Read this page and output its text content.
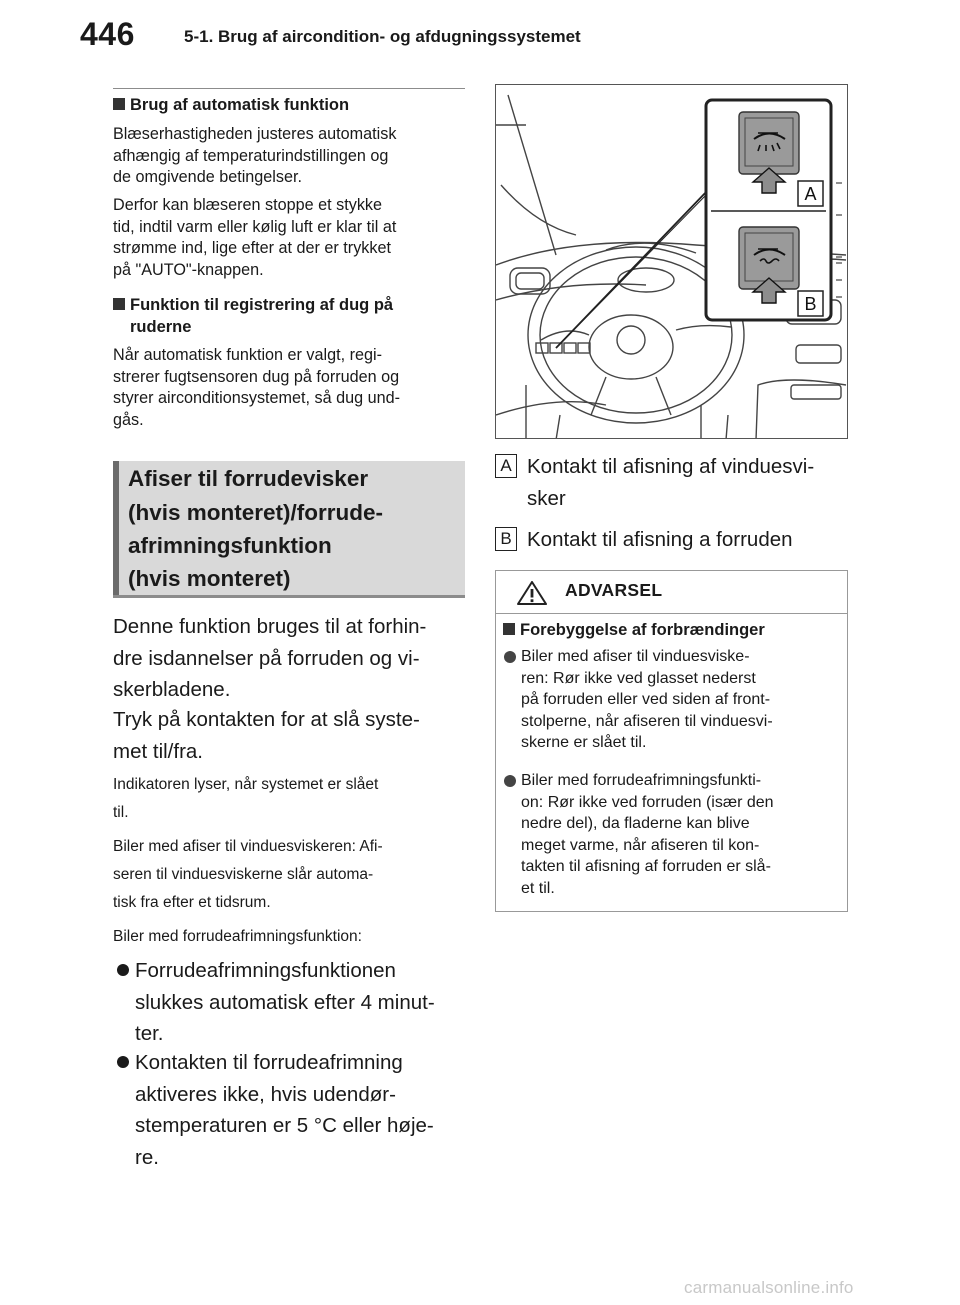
446	5-1. Brug af aircondition- og afdugningssystemet
Brug af automatisk funktion
Blæserhastigheden justeres automatisk
afhængig af temperaturindstillingen og
de omgivende betingelser.
Derfor kan blæseren stoppe et stykke
tid, indtil varm eller kølig luft er klar til at
strømme ind, lige efter at der er trykket
på "AUTO"-knappen.
Funktion til registrering af dug på
ruderne
Når automatisk funktion er valgt, regi-
strerer fugtsensoren dug på forruden og
styrer airconditionsystemet, så dug und-
gås.
Afiser til forrudevisker
(hvis monteret)/forrude-
afrimningsfunktion
(hvis monteret)
Denne funktion bruges til at forhin-
dre isdannelser på forruden og vi-
skerbladene.
Tryk på kontakten for at slå syste-
met til/fra.
Indikatoren lyser, når systemet er slået
til.
Biler med afiser til vinduesviskeren: Afi-
seren til vinduesviskerne slår automa-
tisk fra efter et tidsrum.
Biler med forrudeafrimningsfunktion:
Forrudeafrimningsfunktionen
slukkes automatisk efter 4 minut-
ter.
Kontakten til forrudeafrimning
aktiveres ikke, hvis udendør-
stemperaturen er 5 °C eller høje-
re.
A
B
A Kontakt til afisning af vinduesvi-
sker
B Kontakt til afisning a forruden
ADVARSEL
Forebyggelse af forbrændinger
Biler med afiser til vinduesviske-
ren: Rør ikke ved glasset nederst
på forruden eller ved siden af front-
stolperne, når afiseren til vinduesvi-
skerne er slået til.
Biler med forrudeafrimningsfunkti-
on: Rør ikke ved forruden (især den
nedre del), da fladerne kan blive
meget varme, når afiseren til kon-
takten til afisning af forruden er slå-
et til.
carmanualsonline.info
